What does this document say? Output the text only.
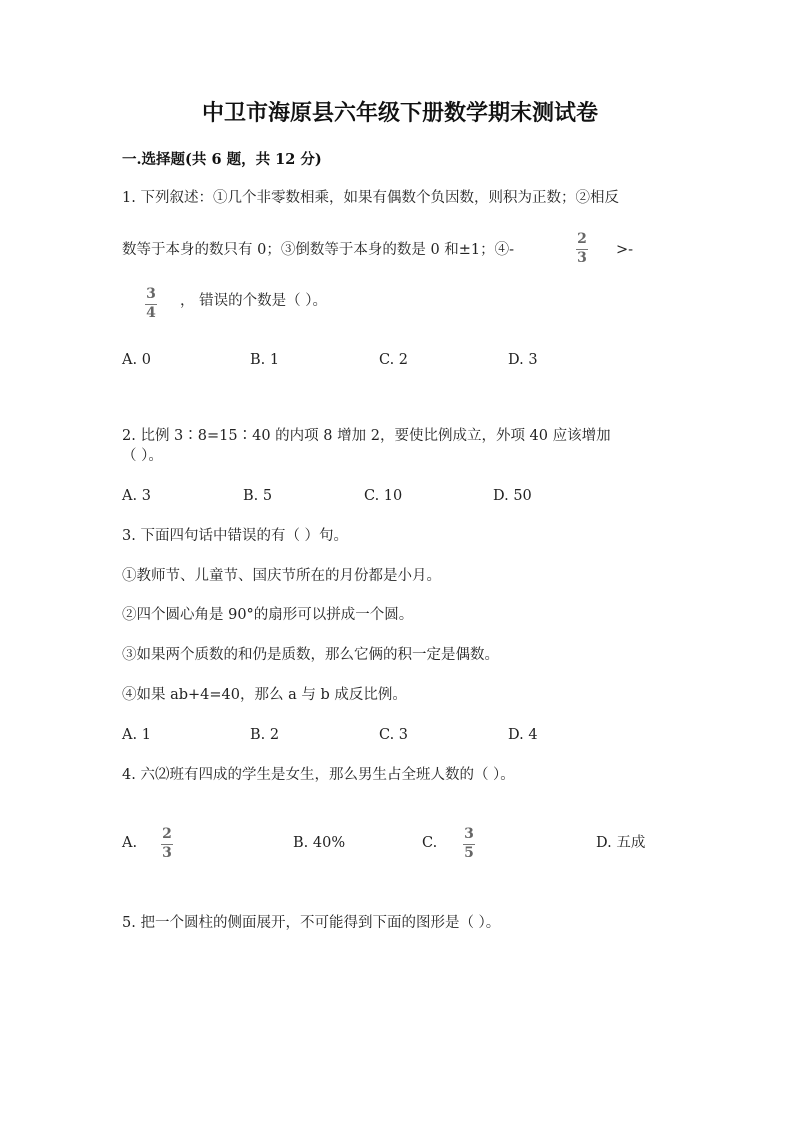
中卫市海原县六年级下册数学期末测试卷
一.选择题(共 6 题，共 12 分)
1. 下列叙述：①几个非零数相乘，如果有偶数个负因数，则积为正数；②相反
数等于本身的数只有 0；③倒数等于本身的数是 0 和±1；④-
2
3 >-
3
4
， 错误的个数是（ ）。
A. 0	B. 1	C. 2	D. 3
2. 比例 3∶8=15∶40 的内项 8 增加 2，要使比例成立，外项 40 应该增加
（ ）。
A. 3	B. 5	C. 10	D. 50
3. 下面四句话中错误的有（ ）句。
①教师节、儿童节、国庆节所在的月份都是小月。
②四个圆心角是 90°的扇形可以拼成一个圆。
③如果两个质数的和仍是质数，那么它俩的积一定是偶数。
④如果 ab+4=40，那么 a 与 b 成反比例。
A. 1	B. 2	C. 3	D. 4
4. 六⑵班有四成的学生是女生，那么男生占全班人数的（ ）。
A.
2
3
B. 40%	C.
3
5
D. 五成
5. 把一个圆柱的侧面展开，不可能得到下面的图形是（ ）。
